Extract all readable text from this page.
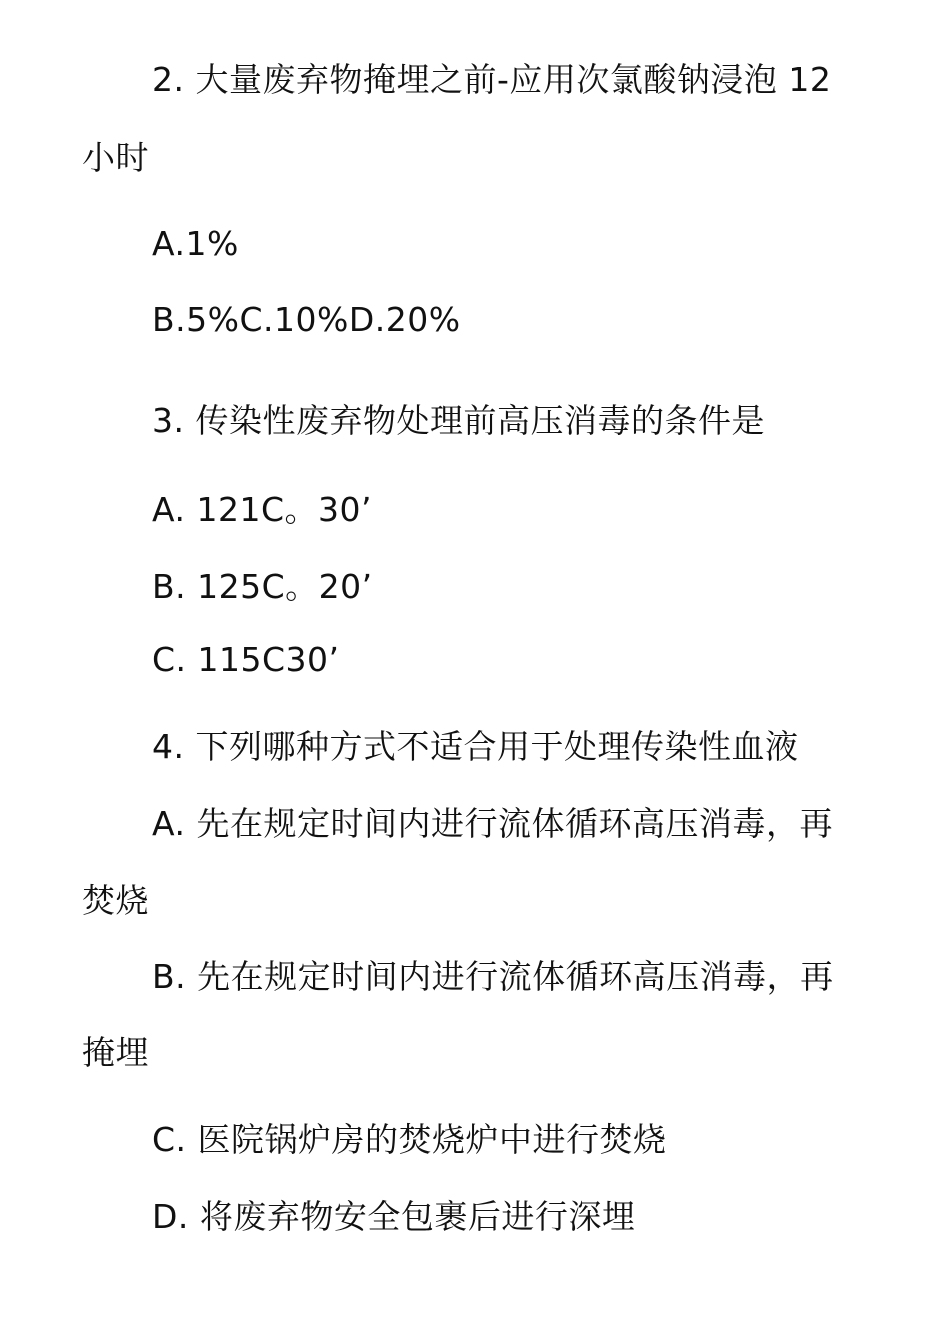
2. 大量废弃物掩埋之前-应用次氯酸钠浸泡 12
小时
A.1%
B.5%C.10%D.20%
3. 传染性废弃物处理前高压消毒的条件是
A. 121C。30’
B. 125C。20’
C. 115C30’
4. 下列哪种方式不适合用于处理传染性血液
A. 先在规定时间内进行流体循环高压消毒，再
焚烧
B. 先在规定时间内进行流体循环高压消毒，再
掩埋
C. 医院锅炉房的焚烧炉中进行焚烧
D. 将废弃物安全包裹后进行深埋
